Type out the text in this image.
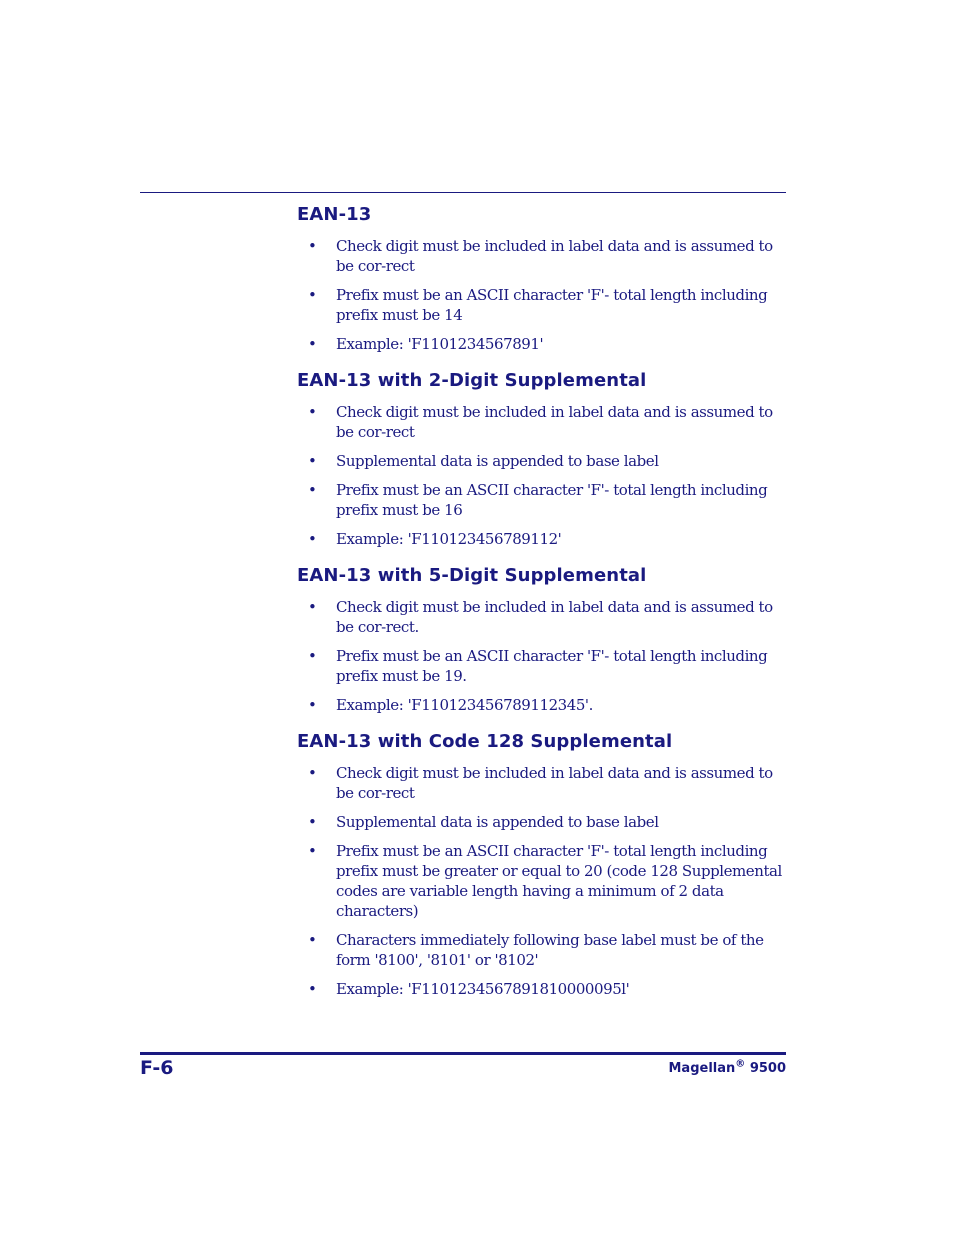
EAN-13
• Check digit must be included in label data and is assumed to be cor-rect
• Prefix must be an ASCII character 'F'- total length including prefix must be 14
• Example: 'F1101234567891'
EAN-13 with 2-Digit Supplemental
• Check digit must be included in label data and is assumed to be cor-rect
• Supplemental data is appended to base label
• Prefix must be an ASCII character 'F'- total length including prefix must be 16
• Example: 'F110123456789112'
EAN-13 with 5-Digit Supplemental
• Check digit must be included in label data and is assumed to be cor-rect.
• Prefix must be an ASCII character 'F'- total length including prefix must be 19.
• Example: 'F110123456789112345'.
EAN-13 with Code 128 Supplemental
• Check digit must be included in label data and is assumed to be cor-rect
• Supplemental data is appended to base label
• Prefix must be an ASCII character 'F'- total length including prefix must be greater or equal to 20 (code 128 Supplemental codes are variable length having a minimum of 2 data characters)
• Characters immediately following base label must be of the form '8100', '8101' or '8102'
• Example: 'F1101234567891810000095l'
F-6	Magellan® 9500
